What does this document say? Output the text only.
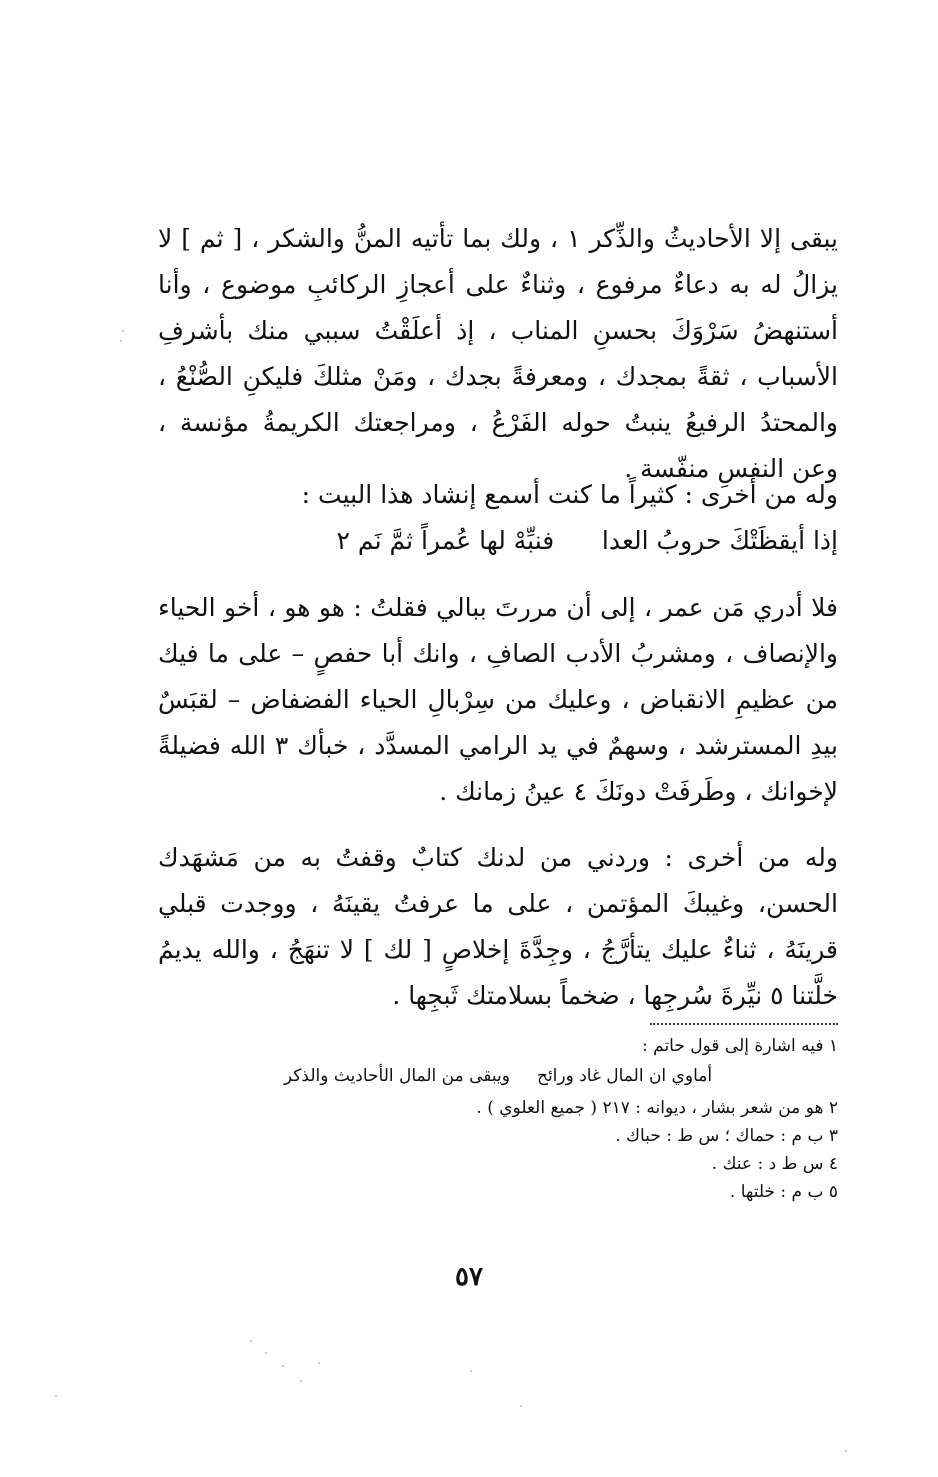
يبقى إلا الأحاديثُ والذِّكر ١ ، ولك بما تأتيه المنُّ والشكر ، [ ثم ] لا يزالُ له به دعاءٌ مرفوع ، وثناءٌ على أعجازِ الركائبِ موضوع ، وأنا أستنهضُ سَرْوَكَ بحسنِ المناب ، إذ أعلَقْتُ سببي منك بأشرفِ الأسباب ، ثقةً بمجدك ، ومعرفةً بجدك ، ومَنْ مثلكَ فليكنِ الصُّنْعُ ، والمحتدُ الرفيعُ ينبتُ حوله الفَرْعُ ، ومراجعتك الكريمةُ مؤنسة ، وعن النفسِ منفّسة .

وله من أخرى : كثيراً ما كنت أسمع إنشاد هذا البيت :

إذا أيقظَتْكَ حروبُ العدا      فنبِّهْ لها عُمراً ثمَّ نَم ٢

فلا أدري مَن عمر ، إلى أن مررتَ ببالي فقلتُ : هو هو ، أخو الحياء والإنصاف ، ومشربُ الأدب الصافِ ، وانك أبا حفصٍ – على ما فيك من عظيمِ الانقباض ، وعليك من سِرْبالِ الحياء الفضفاض – لقبَسٌ بيدِ المسترشد ، وسهمٌ في يد الرامي المسدَّد ، خبأك ٣ الله فضيلةً لإخوانك ، وطَرفَتْ دونَكَ ٤ عينُ زمانك .

وله من أخرى : وردني من لدنك كتابٌ وقفتُ به من مَشهَدك الحسن، وغيبكَ المؤتمن ، على ما عرفتُ يقينَهُ ، ووجدت قبلي قرينَهُ ، ثناءٌ عليك يتأرَّجُ ، وجِدَّةَ إخلاصٍ [ لك ] لا تنهَجُ ، والله يديمُ خلَّتنا ٥ نيِّرةَ سُرجِها ، ضخماً بسلامتك ثَبجِها .

١ فيه اشارة إلى قول حاتم :

أماوي ان المال غاد ورائح     ويبقى من المال الأحاديث والذكر

٢ هو من شعر بشار ، ديوانه : ٢١٧ ( جميع العلوي ) .

٣ ب م : حماك ؛ س ط : حباك .

٤ س ط د : عنك .

٥ ب م : خلتها .

٥٧
